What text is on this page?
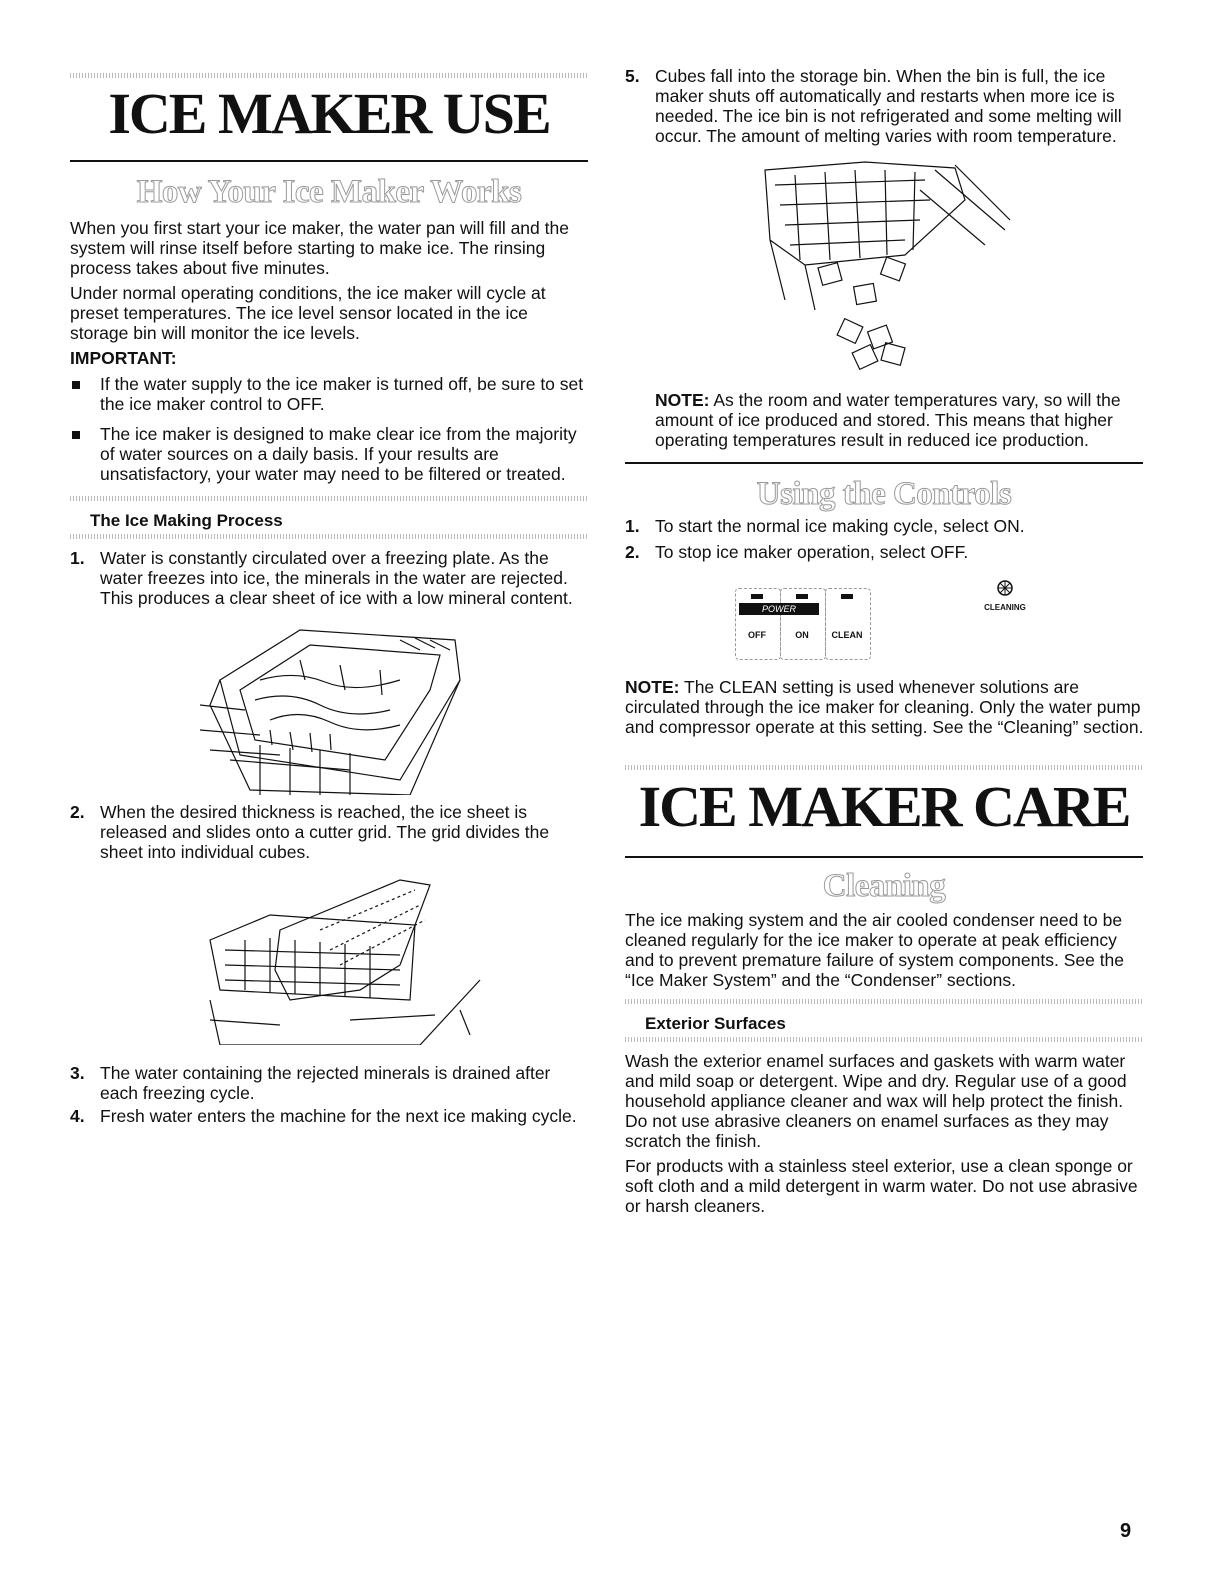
ICE MAKER USE
How Your Ice Maker Works

When you first start your ice maker, the water pan will fill and the system will rinse itself before starting to make ice. The rinsing process takes about five minutes.

Under normal operating conditions, the ice maker will cycle at preset temperatures. The ice level sensor located in the ice storage bin will monitor the ice levels.

IMPORTANT:

If the water supply to the ice maker is turned off, be sure to set the ice maker control to OFF.

The ice maker is designed to make clear ice from the majority of water sources on a daily basis. If your results are unsatisfactory, your water may need to be filtered or treated.

The Ice Making Process

1. Water is constantly circulated over a freezing plate. As the water freezes into ice, the minerals in the water are rejected. This produces a clear sheet of ice with a low mineral content.

2. When the desired thickness is reached, the ice sheet is released and slides onto a cutter grid. The grid divides the sheet into individual cubes.

3. The water containing the rejected minerals is drained after each freezing cycle.

4. Fresh water enters the machine for the next ice making cycle.

5. Cubes fall into the storage bin. When the bin is full, the ice maker shuts off automatically and restarts when more ice is needed. The ice bin is not refrigerated and some melting will occur. The amount of melting varies with room temperature.

NOTE: As the room and water temperatures vary, so will the amount of ice produced and stored. This means that higher operating temperatures result in reduced ice production.

Using the Controls
1. To start the normal ice making cycle, select ON.

2. To stop ice maker operation, select OFF.

POWER
OFF	ON	CLEAN
CLEANING

NOTE: The CLEAN setting is used whenever solutions are circulated through the ice maker for cleaning. Only the water pump and compressor operate at this setting. See the “Cleaning” section.

ICE MAKER CARE
Cleaning

The ice making system and the air cooled condenser need to be cleaned regularly for the ice maker to operate at peak efficiency and to prevent premature failure of system components. See the “Ice Maker System” and the “Condenser” sections.

Exterior Surfaces

Wash the exterior enamel surfaces and gaskets with warm water and mild soap or detergent. Wipe and dry. Regular use of a good household appliance cleaner and wax will help protect the finish. Do not use abrasive cleaners on enamel surfaces as they may scratch the finish.

For products with a stainless steel exterior, use a clean sponge or soft cloth and a mild detergent in warm water. Do not use abrasive or harsh cleaners.

9
